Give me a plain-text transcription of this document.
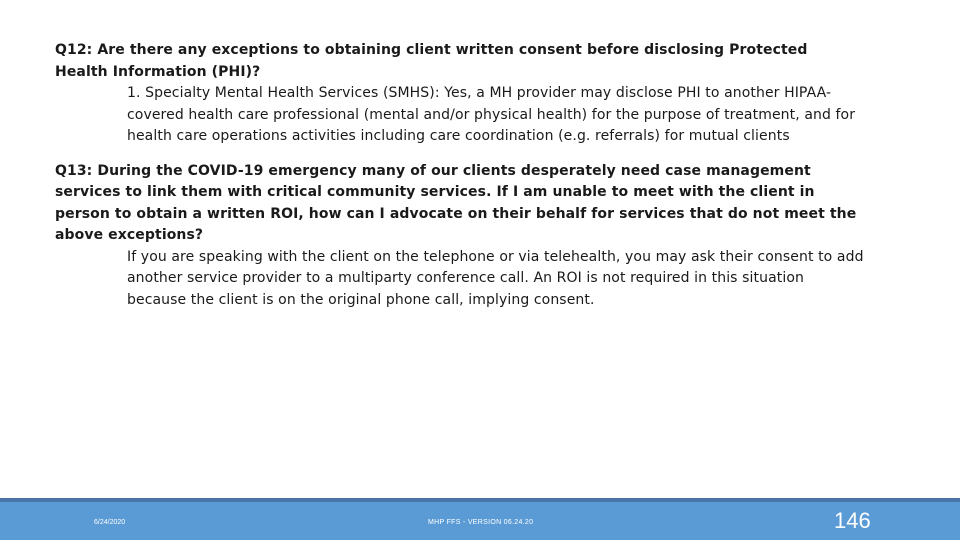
Q12: Are there any exceptions to obtaining client written consent before disclosing Protected Health Information (PHI)?

1. Specialty Mental Health Services (SMHS): Yes, a MH provider may disclose PHI to another HIPAA-covered health care professional (mental and/or physical health) for the purpose of treatment, and for health care operations activities including care coordination (e.g. referrals) for mutual clients

Q13: During the COVID-19 emergency many of our clients desperately need case management services to link them with critical community services. If I am unable to meet with the client in person to obtain a written ROI, how can I advocate on their behalf for services that do not meet the above exceptions?

If you are speaking with the client on the telephone or via telehealth, you may ask their consent to add another service provider to a multiparty conference call. An ROI is not required in this situation because the client is on the original phone call, implying consent.

6/24/2020	MHP FFS - VERSION 06.24.20	146
